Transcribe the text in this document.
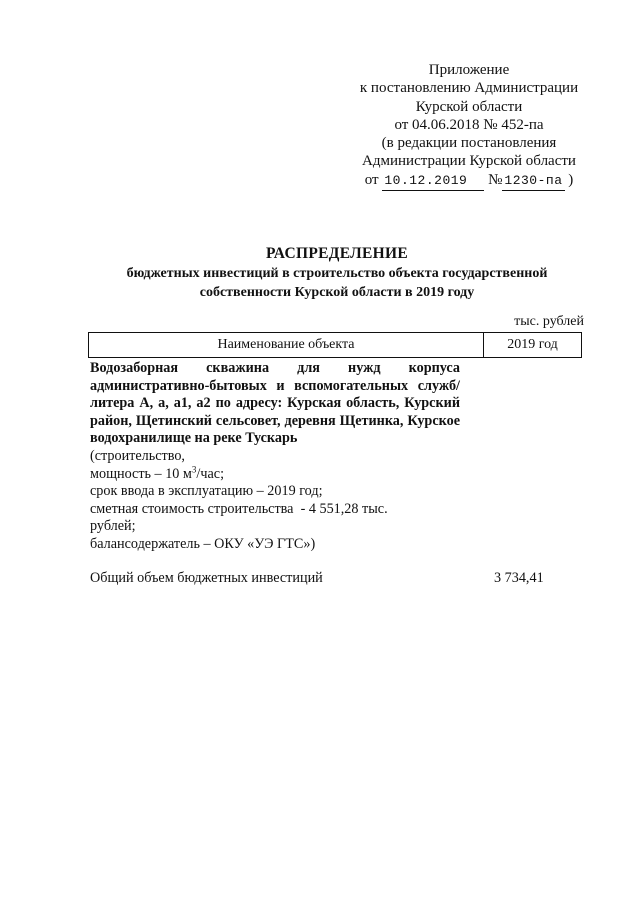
Приложение
к постановлению Администрации
Курской области
от 04.06.2018 № 452-па
(в редакции постановления
Администрации Курской области
от 10.12.2019 № 1230-па )
РАСПРЕДЕЛЕНИЕ
бюджетных инвестиций в строительство объекта государственной
собственности Курской области в 2019 году
тыс. рублей
Наименование объекта	2019 год
Водозаборная скважина для нужд корпуса административно-бытовых и вспомогательных служб/литера А, а, а1, а2 по адресу: Курская область, Курский район, Щетинский сельсовет, деревня Щетинка, Курское водохранилище на реке Тускарь
(строительство,
мощность – 10 $м^3$/час;
срок ввода в эксплуатацию – 2019 год;
сметная стоимость строительства  - 4 551,28 тыс.
рублей;
балансодержатель – ОКУ «УЭ ГТС»)
Общий объем бюджетных инвестиций	3 734,41
